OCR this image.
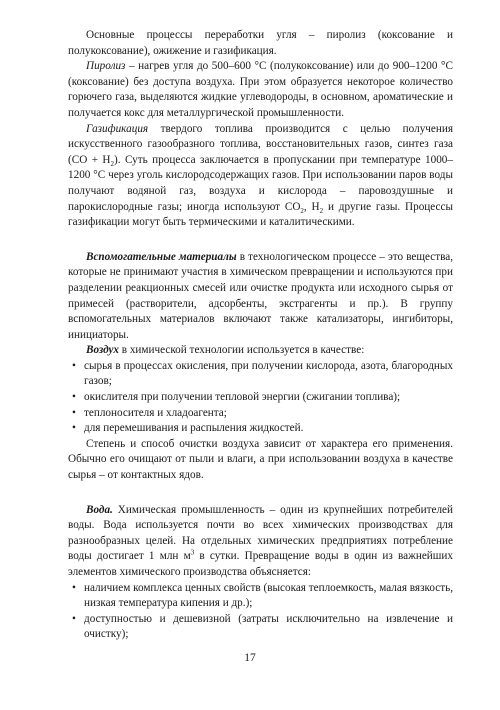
Основные процессы переработки угля – пиролиз (коксование и полукоксование), ожижение и газификация.

Пиролиз – нагрев угля до 500–600 °С (полукоксование) или до 900–1200 °С (коксование) без доступа воздуха. При этом образуется некоторое количество горючего газа, выделяются жидкие углеводороды, в основном, ароматические и получается кокс для металлургической промышленности.

Газификация твердого топлива производится с целью получения искусственного газообразного топлива, восстановительных газов, синтез газа $(СО + Н_2)$. Суть процесса заключается в пропускании при температуре 1000–1200 °С через уголь кислородсодержащих газов. При использовании паров воды получают водяной газ, воздуха и кислорода – паровоздушные и парокислородные газы; иногда используют $СО_2$, $Н_2$ и другие газы. Процессы газификации могут быть термическими и каталитическими.

Вспомогательные материалы в технологическом процессе – это вещества, которые не принимают участия в химическом превращении и используются при разделении реакционных смесей или очистке продукта или исходного сырья от примесей (растворители, адсорбенты, экстрагенты и пр.). В группу вспомогательных материалов включают также катализаторы, ингибиторы, инициаторы.

Воздух в химической технологии используется в качестве:

• сырья в процессах окисления, при получении кислорода, азота, благородных газов;
• окислителя при получении тепловой энергии (сжигании топлива);
• теплоносителя и хладоагента;
• для перемешивания и распыления жидкостей.

Степень и способ очистки воздуха зависит от характера его применения. Обычно его очищают от пыли и влаги, а при использовании воздуха в качестве сырья – от контактных ядов.

Вода. Химическая промышленность – один из крупнейших потребителей воды. Вода используется почти во всех химических производствах для разнообразных целей. На отдельных химических предприятиях потребление воды достигает 1 млн $м^3$ в сутки. Превращение воды в один из важнейших элементов химического производства объясняется:

• наличием комплекса ценных свойств (высокая теплоемкость, малая вязкость, низкая температура кипения и др.);
• доступностью и дешевизной (затраты исключительно на извлечение и очистку);
17
